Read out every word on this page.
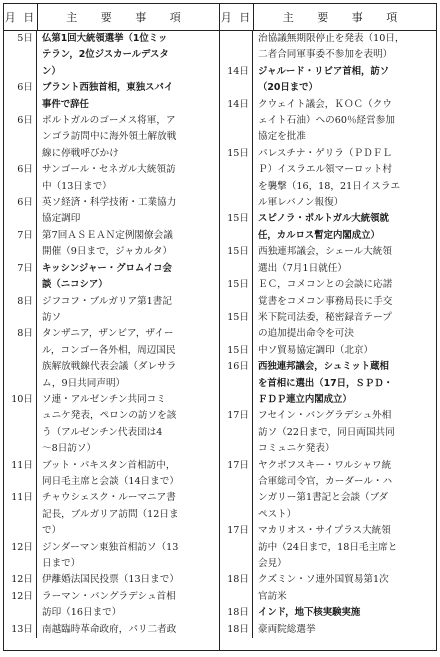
月 日	主 要 事 項
5日 仏第1回大統領選挙（1位ミッ
テラン，2位ジスカールデスタ
ン）
6日 ブラント西独首相，東独スパイ
事件で辞任
6日 ポルトガルのゴーメス将軍，ア
ンゴラ訪問中に海外領土解放戦
線に停戦呼びかけ
6日 サンゴール・セネガル大統領訪
中（13日まで）
6日 英ソ経済・科学技術・工業協力
協定調印
7日 第7回ＡＳＥＡＮ定例閣僚会議
開催（9日まで，ジャカルタ）
7日 キッシンジャー・グロムイコ会
談（ニコシア）
8日 ジフコフ・ブルガリア第1書記
訪ソ
8日 タンザニア，ザンビア，ザイー
ル，コンゴー各外相，周辺国民
族解放戦線代表会議（ダレサラ
ム，9日共同声明）
10日 ソ連・アルゼンチン共同コミ
ュニケ発表，ペロンの訪ソを該
う（アルゼンチン代表団は4
～8日訪ソ）
11日 ブット・パキスタン首相訪中，
同日毛主席と会談（14日まで）
11日 チャウシェスク・ルーマニア書
記長，ブルガリア訪問（12日ま
で）
12日 ジンダーマン東独首相訪ソ（13
日まで）
12日 伊離婚法国民投票（13日まで）
12日 ラーマン・バングラデシュ首相
訪印（16日まで）
13日 南越臨時革命政府，パリ二者政
月 日	主 要 事 項
治協議無期限停止を発表（10日，
二者合同軍事委不参加を表明）
14日 ジャルード・リビア首相，訪ソ
（20日まで）
14日 クウェイト議会，ＫＯＣ（クウ
ェイト石油）への60％経営参加
協定を批准
15日 パレスチナ・ゲリラ（ＰＤＦＬ
Ｐ）イスラエル領マーロット村
を襲撃（16，18，21日イスラエ
ル軍レバノン報復）
15日 スピノラ・ポルトガル大統領就
任，カルロス暫定内閣成立）
15日 西独連邦議会，シェール大統領
選出（7月1日就任）
15日 ＥＣ，コメコンとの会談に応諾
覚書をコメコン事務局長に手交
15日 米下院司法委，秘密録音テープ
の追加提出命令を可決
15日 中ソ貿易協定調印（北京）
16日 西独連邦議会，シュミット蔵相
を首相に選出（17日，ＳＰＤ・
ＦＤＰ連立内閣成立）
17日 フセイン・バングラデシュ外相
訪ソ（22日まで，同日両国共同
コミュニケ発表）
17日 ヤクボフスキー・ワルシャワ統
合軍総司令官，カーダール・ハ
ンガリー第1書記と会談（ブダ
ペスト）
17日 マカリオス・サイプラス大統領
訪中（24日まで，18日毛主席と
会見）
18日 クズミン・ソ連外国貿易第1次
官訪米
18日 インド，地下核実験実施
18日 豪両院総選挙
